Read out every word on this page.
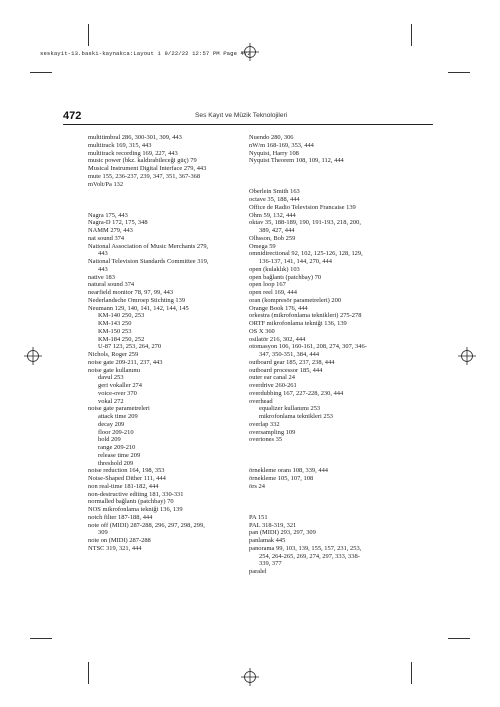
seskayit-13.baski-kaynakca:Layout 1 9/22/22 12:57 PM Page 472
472	Ses Kayıt ve Müzik Teknolojileri
multitimbral 286, 300-301, 309, 443
multitrack 169, 315, 443
multitrack recording 169, 227, 443
music power (bkz. kaldırabileceği güç) 79
Musical Instrument Digital Interface 279, 443
mute 155, 236-237, 239, 347, 351, 367-368
mVolt/Pa 132
Nagra 175, 443
Nagra-D 172, 175, 348
NAMM 279, 443
nat sound 374
National Association of Music Merchants 279,
443
National Television Standards Committee 319,
443
native 183
natural sound 374
nearfield monitor 78, 97, 99, 443
Nederlandsche Omroep Stichting 139
Neumann 129, 140, 141, 142, 144, 145
KM-140 250, 253
KM-143 250
KM-150 253
KM-184 250, 252
U-87 123, 253, 264, 270
Nichols, Roger 259
noise gate 209-211, 237, 443
noise gate kullanımı
davul 253
geri vokaller 274
voice-over 370
vokal 272
noise gate parametreleri
attack time 209
decay 209
floor 209-210
hold 209
range 209-210
release time 209
threshold 209
noise reduction 164, 198, 353
Noise-Shaped Dither 111, 444
non real-time 181-182, 444
non-destructive editing 181, 330-331
normalled bağlantı (patchbay) 70
NOS mikrofonlama tekniği 136, 139
notch filter 187-188, 444
note off (MIDI) 287-288, 296, 297, 298, 299,
309
note on (MIDI) 287-288
NTSC 319, 321, 444
Nuendo 280, 306
nW/m 168-169, 353, 444
Nyquist, Harry 108
Nyquist Theorem 108, 109, 112, 444
Oberlein Smith 163
octave 35, 188, 444
Office de Radio Television Francaise 139
Ohm 59, 132, 444
oktav 35, 188-189, 190, 191-193, 218, 200,
389, 427, 444
Olhsson, Bob 259
Omega 59
omnidirectional 92, 102, 125-126, 128, 129,
136-137, 141, 144, 270, 444
open (kulaklık) 103
open bağlantı (patchbay) 70
open loop 167
open reel 169, 444
oran (kompresör parametreleri) 200
Orange Book 176, 444
orkestra (mikrofonlama teknikleri) 275-278
ORTF mikrofonlama tekniği 136, 139
OS X 360
osilatör 216, 302, 444
otomasyon 106, 160-161, 208, 274, 307, 346-
347, 350-351, 384, 444
outboard gear 185, 237, 238, 444
outboard processor 185, 444
outer ear canal 24
overdrive 260-261
overdubbing 167, 227-228, 230, 444
overhead
equalizer kullanımı 253
mikrofonlama teknikleri 253
overlap 332
oversampling 109
overtones 35
örnekleme oranı 108, 339, 444
örnekleme 105, 107, 108
örs 24
PA 151
PAL 318-319, 321
pan (MIDI) 293, 297, 309
panlamak 445
panorama 99, 103, 139, 155, 157, 231, 253,
254, 264-265, 269, 274, 297, 333, 338-
339, 377
paralel
